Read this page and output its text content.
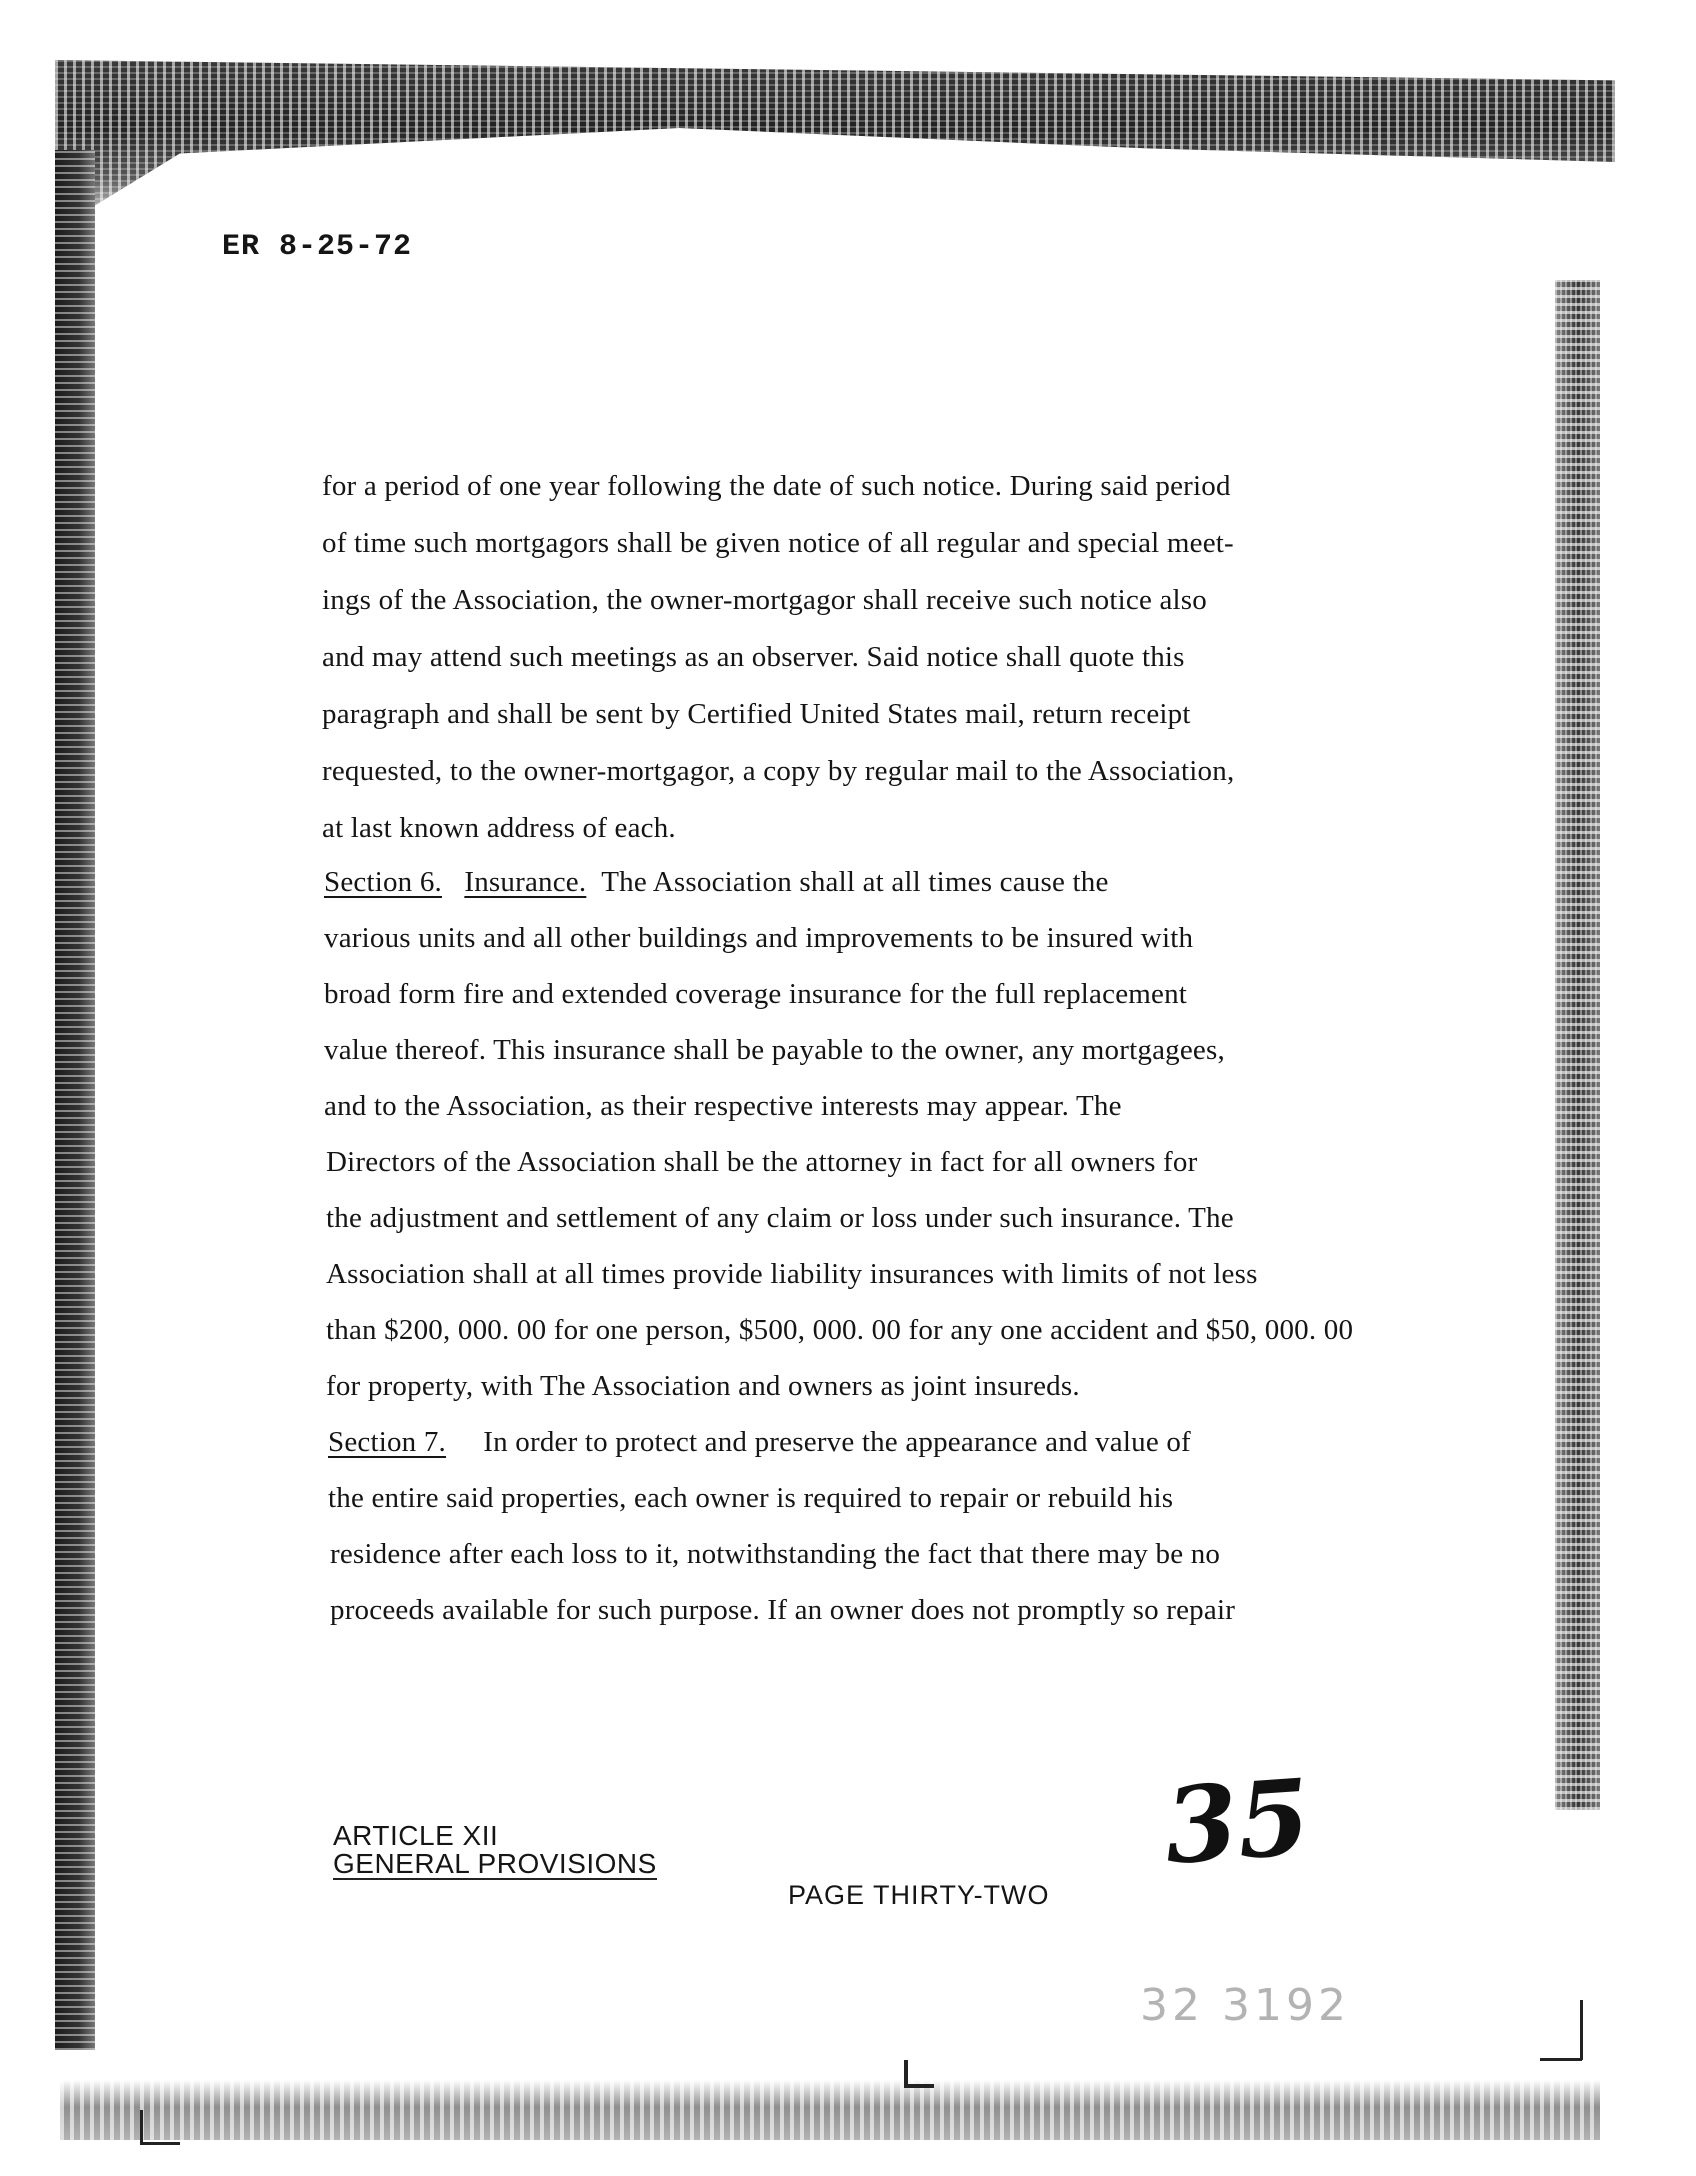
ER 8-25-72
for a period of one year following the date of such notice. During said period
of time such mortgagors shall be given notice of all regular and special meet-
ings of the Association, the owner-mortgagor shall receive such notice also
and may attend such meetings as an observer. Said notice shall quote this
paragraph and shall be sent by Certified United States mail, return receipt
requested, to the owner-mortgagor, a copy by regular mail to the Association,
at last known address of each.
Section 6. Insurance. The Association shall at all times cause the
various units and all other buildings and improvements to be insured with
broad form fire and extended coverage insurance for the full replacement
value thereof. This insurance shall be payable to the owner, any mortgagees,
and to the Association, as their respective interests may appear. The
Directors of the Association shall be the attorney in fact for all owners for
the adjustment and settlement of any claim or loss under such insurance. The
Association shall at all times provide liability insurances with limits of not less
than $200, 000. 00 for one person, $500, 000. 00 for any one accident and $50, 000. 00
for property, with The Association and owners as joint insureds.
Section 7. In order to protect and preserve the appearance and value of
the entire said properties, each owner is required to repair or rebuild his
residence after each loss to it, notwithstanding the fact that there may be no
proceeds available for such purpose. If an owner does not promptly so repair
ARTICLE XII
GENERAL PROVISIONS	35
PAGE THIRTY-TWO
32 3192
